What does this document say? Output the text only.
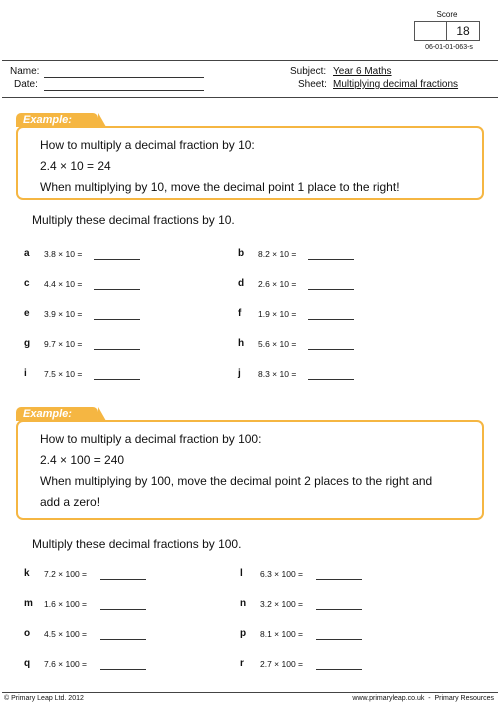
Score
18
06-01-01-063-s
Name:
Date:
Subject: Year 6 Maths
Sheet: Multiplying decimal fractions
Example:
How to multiply a decimal fraction by 10:
2.4 × 10 = 24
When multiplying by 10, move the decimal point 1 place to the right!
Multiply these decimal fractions by 10.
a 3.8 × 10 =	b 8.2 × 10 =
c 4.4 × 10 =	d 2.6 × 10 =
e 3.9 × 10 =	f 1.9 × 10 =
g 9.7 × 10 =	h 5.6 × 10 =
i 7.5 × 10 =	j 8.3 × 10 =
Example:
How to multiply a decimal fraction by 100:
2.4 × 100 = 240
When multiplying by 100, move the decimal point 2 places to the right and
add a zero!
Multiply these decimal fractions by 100.
k 7.2 × 100 =	l 6.3 × 100 =
m 1.6 × 100 =	n 3.2 × 100 =
o 4.5 × 100 =	p 8.1 × 100 =
q 7.6 × 100 =	r 2.7 × 100 =
© Primary Leap Ltd. 2012	www.primaryleap.co.uk  -  Primary Resources
